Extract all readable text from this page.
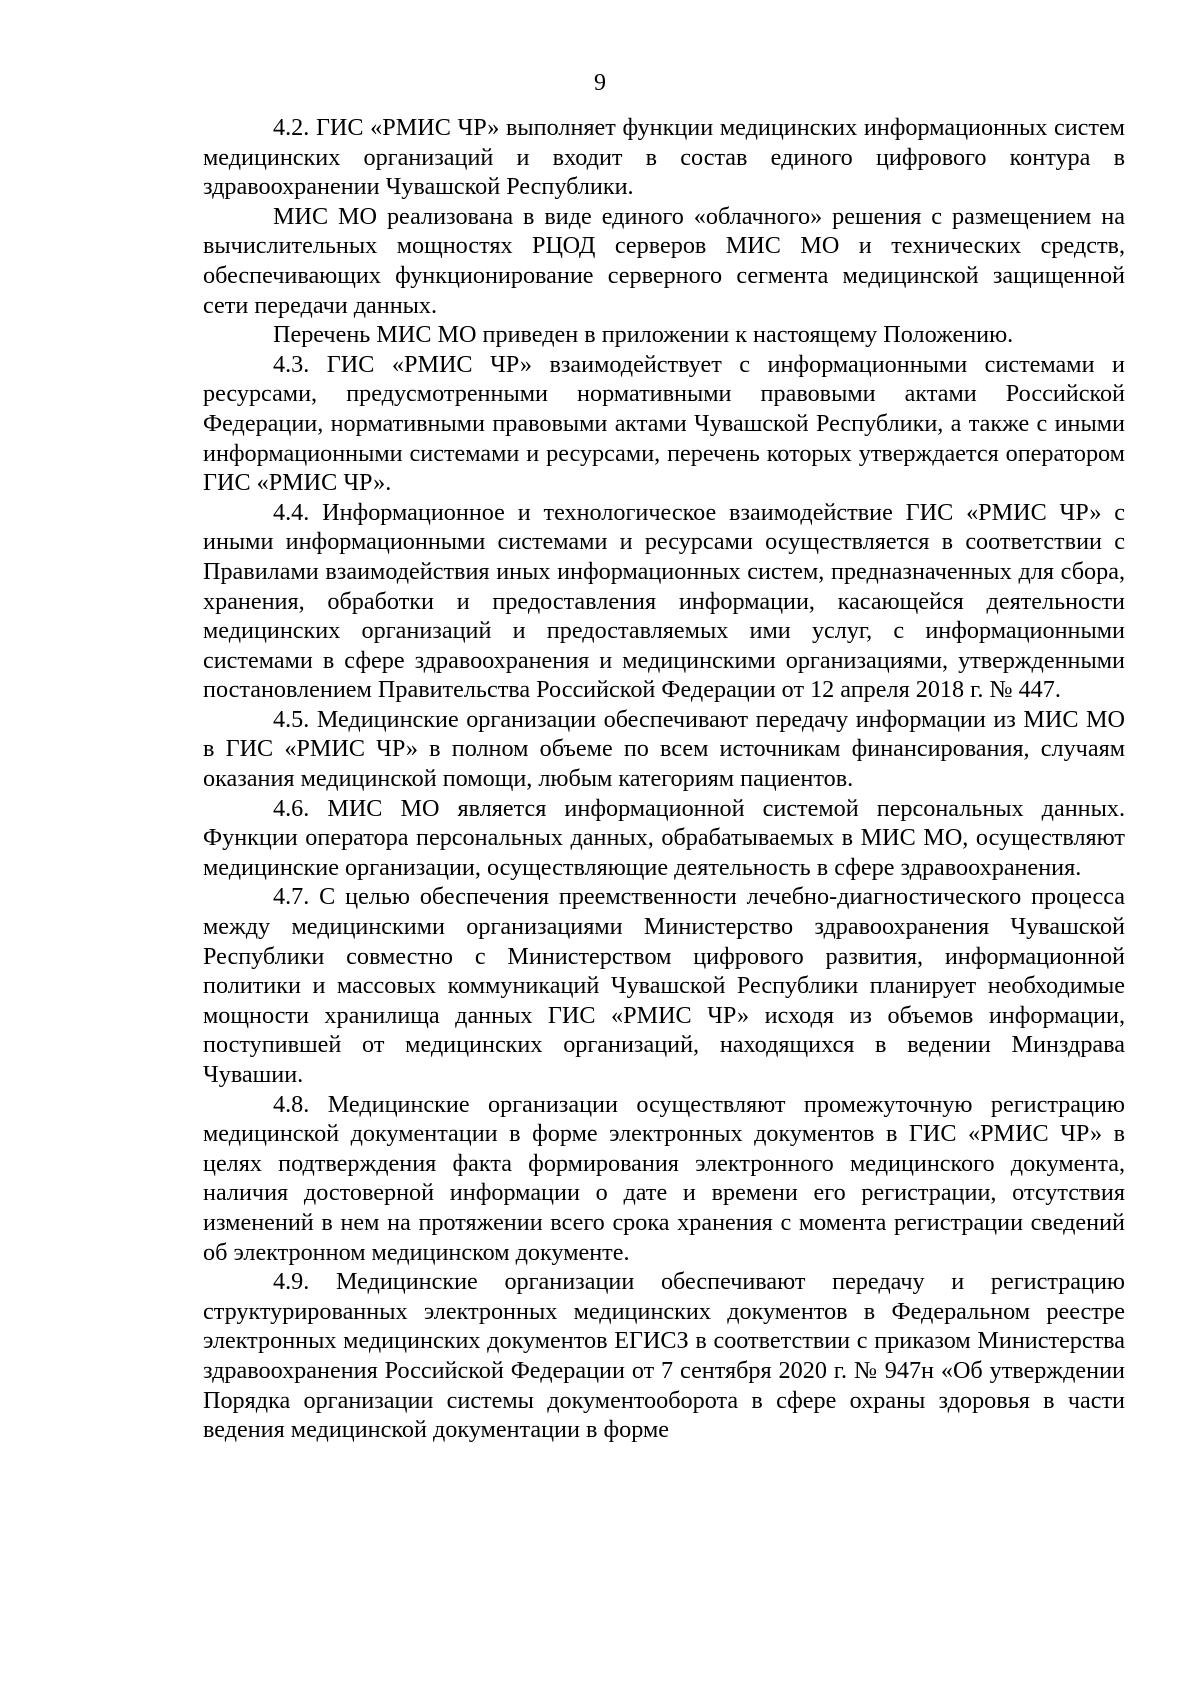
9

4.2. ГИС «РМИС ЧР» выполняет функции медицинских информационных систем медицинских организаций и входит в состав единого цифрового контура в здравоохранении Чувашской Республики.

МИС МО реализована в виде единого «облачного» решения с размещением на вычислительных мощностях РЦОД серверов МИС МО и технических средств, обеспечивающих функционирование серверного сегмента медицинской защищенной сети передачи данных.

Перечень МИС МО приведен в приложении к настоящему Положению.

4.3. ГИС «РМИС ЧР» взаимодействует с информационными системами и ресурсами, предусмотренными нормативными правовыми актами Российской Федерации, нормативными правовыми актами Чувашской Республики, а также с иными информационными системами и ресурсами, перечень которых утверждается оператором ГИС «РМИС ЧР».

4.4. Информационное и технологическое взаимодействие ГИС «РМИС ЧР» с иными информационными системами и ресурсами осуществляется в соответствии с Правилами взаимодействия иных информационных систем, предназначенных для сбора, хранения, обработки и предоставления информации, касающейся деятельности медицинских организаций и предоставляемых ими услуг, с информационными системами в сфере здравоохранения и медицинскими организациями, утвержденными постановлением Правительства Российской Федерации от 12 апреля 2018 г. № 447.

4.5. Медицинские организации обеспечивают передачу информации из МИС МО в ГИС «РМИС ЧР» в полном объеме по всем источникам финансирования, случаям оказания медицинской помощи, любым категориям пациентов.

4.6. МИС МО является информационной системой персональных данных. Функции оператора персональных данных, обрабатываемых в МИС МО, осуществляют медицинские организации, осуществляющие деятельность в сфере здравоохранения.

4.7. С целью обеспечения преемственности лечебно-диагностического процесса между медицинскими организациями Министерство здравоохранения Чувашской Республики совместно с Министерством цифрового развития, информационной политики и массовых коммуникаций Чувашской Республики планирует необходимые мощности хранилища данных ГИС «РМИС ЧР» исходя из объемов информации, поступившей от медицинских организаций, находящихся в ведении Минздрава Чувашии.

4.8. Медицинские организации осуществляют промежуточную регистрацию медицинской документации в форме электронных документов в ГИС «РМИС ЧР» в целях подтверждения факта формирования электронного медицинского документа, наличия достоверной информации о дате и времени его регистрации, отсутствия изменений в нем на протяжении всего срока хранения с момента регистрации сведений об электронном медицинском документе.

4.9. Медицинские организации обеспечивают передачу и регистрацию структурированных электронных медицинских документов в Федеральном реестре электронных медицинских документов ЕГИСЗ в соответствии с приказом Министерства здравоохранения Российской Федерации от 7 сентября 2020 г. № 947н «Об утверждении Порядка организации системы документооборота в сфере охраны здоровья в части ведения медицинской документации в форме
